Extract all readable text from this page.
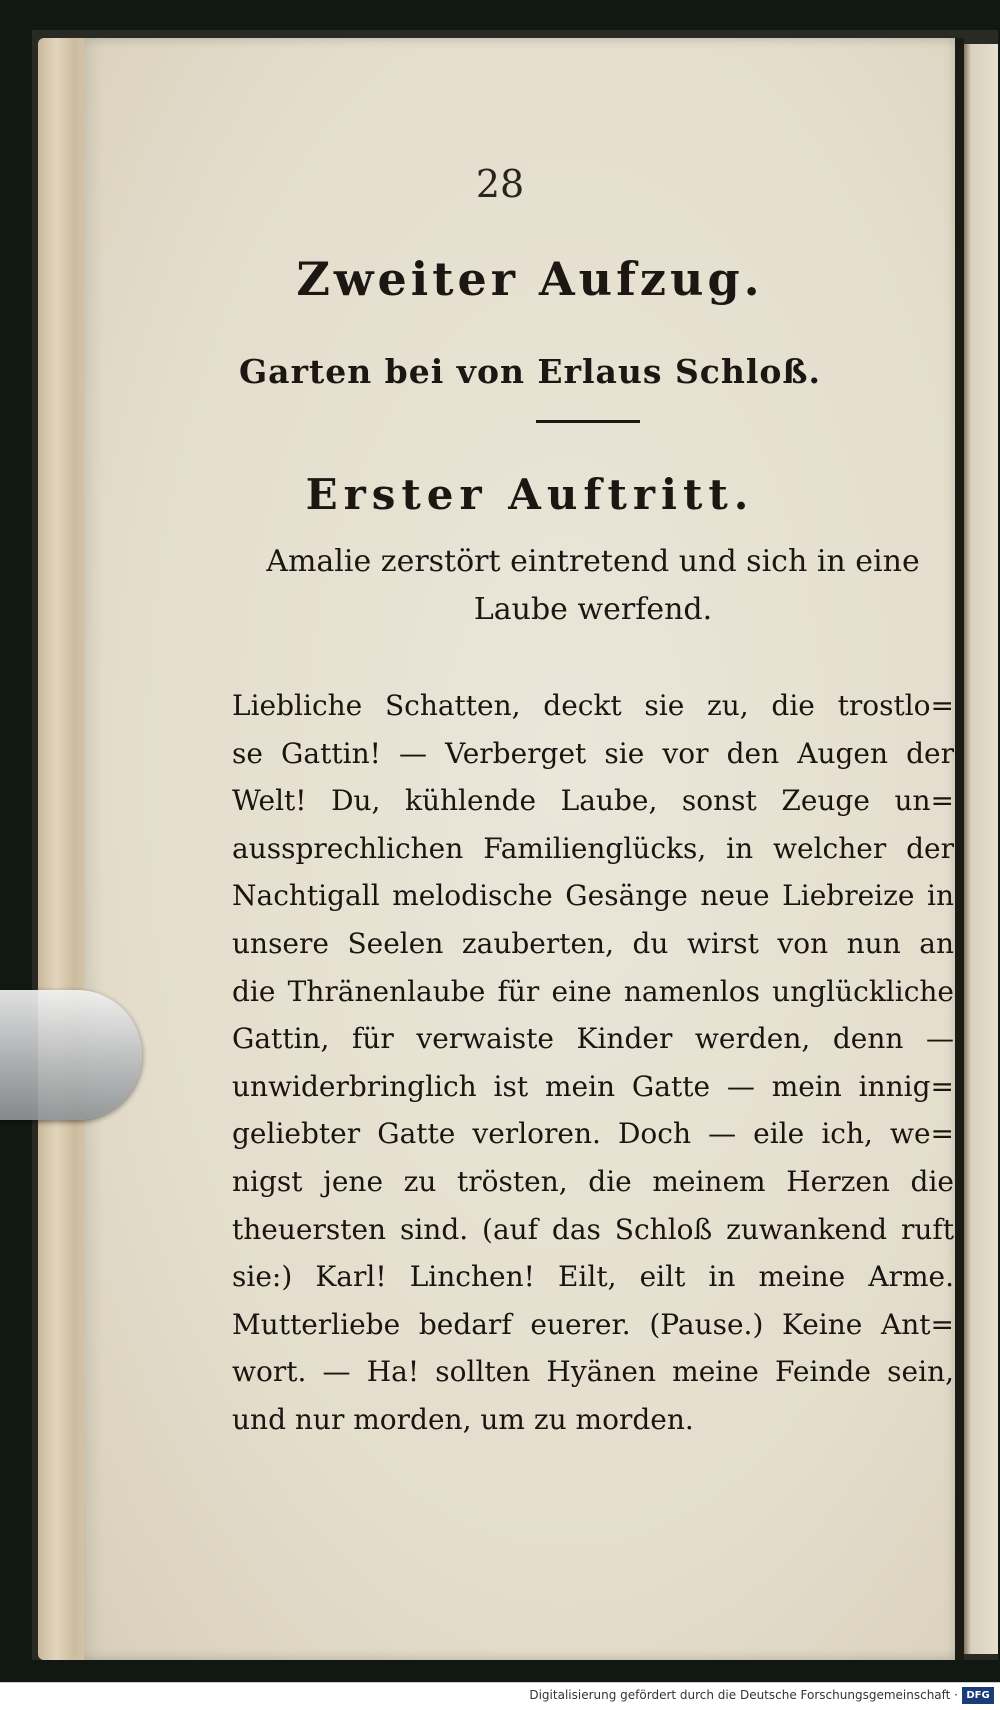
28
Zweiter Aufzug.
Garten bei von Erlaus Schloß.
Erster Auftritt.
Amalie zerstört eintretend und sich in eine Laube werfend.
Liebliche Schatten, deckt sie zu, die trostlo=
se Gattin! — Verberget sie vor den Augen der
Welt! Du, kühlende Laube, sonst Zeuge un=
aussprechlichen Familienglücks, in welcher der
Nachtigall melodische Gesänge neue Liebreize in
unsere Seelen zauberten, du wirst von nun an
die Thränenlaube für eine namenlos unglückliche
Gattin, für verwaiste Kinder werden, denn —
unwiderbringlich ist mein Gatte — mein innig=
geliebter Gatte verloren. Doch — eile ich, we=
nigst jene zu trösten, die meinem Herzen die
theuersten sind. (auf das Schloß zuwankend ruft
sie:) Karl! Linchen! Eilt, eilt in meine Arme.
Mutterliebe bedarf euerer. (Pause.) Keine Ant=
wort. — Ha! sollten Hyänen meine Feinde sein,
und nur morden, um zu morden.
Digitalisierung gefördert durch die Deutsche Forschungsgemeinschaft · DFG
